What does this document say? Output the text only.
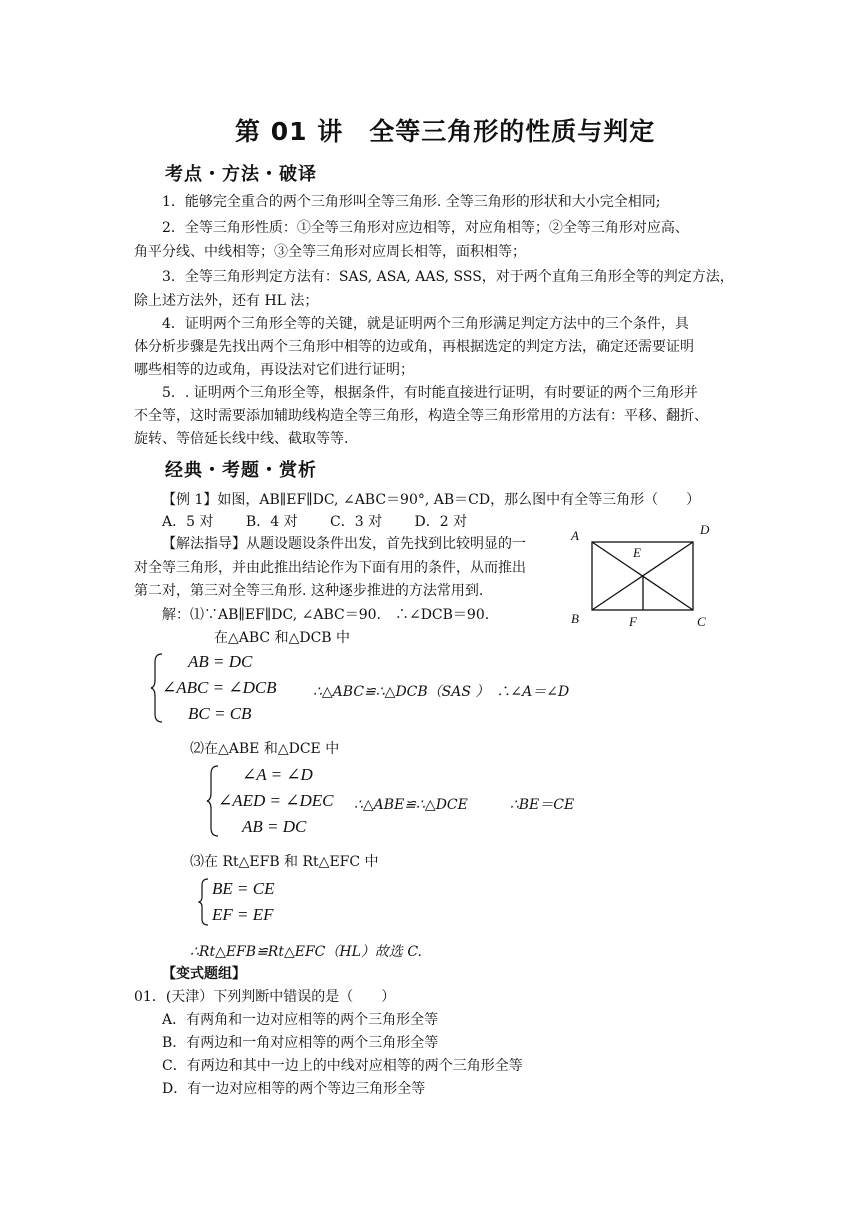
第 01 讲　全等三角形的性质与判定
考点・方法・破译
1．能够完全重合的两个三角形叫全等三角形. 全等三角形的形状和大小完全相同;
2．全等三角形性质：①全等三角形对应边相等，对应角相等；②全等三角形对应高、
角平分线、中线相等；③全等三角形对应周长相等，面积相等；
3．全等三角形判定方法有：SAS, ASA, AAS, SSS，对于两个直角三角形全等的判定方法，
除上述方法外，还有 HL 法；
4．证明两个三角形全等的关键，就是证明两个三角形满足判定方法中的三个条件，具
体分析步骤是先找出两个三角形中相等的边或角，再根据选定的判定方法，确定还需要证明
哪些相等的边或角，再设法对它们进行证明；
5．. 证明两个三角形全等，根据条件，有时能直接进行证明，有时要证的两个三角形并
不全等，这时需要添加辅助线构造全等三角形，构造全等三角形常用的方法有：平移、翻折、
旋转、等倍延长线中线、截取等等.
经典・考题・赏析
【例 1】如图，AB∥EF∥DC, ∠ABC＝90°, AB＝CD，那么图中有全等三角形（　　）
A．5 对　　 B．4 对　　 C．3 对　　 D．2 对
【解法指导】从题设题设条件出发，首先找到比较明显的一
对全等三角形，并由此推出结论作为下面有用的条件，从而推出
第二对，第三对全等三角形. 这种逐步推进的方法常用到.
解：⑴∵AB∥EF∥DC, ∠ABC＝90.　∴∠DCB＝90.
在△ABC 和△DCB 中
A	D
E
B	F	C
AB = DC
∠ABC = ∠DCB
BC = CB
∴△ABC≌∴△DCB（SAS ）　∴∠A＝∠D
⑵在△ABE 和△DCE 中
∠A = ∠D
∠AED = ∠DEC
AB = DC
∴△ABE≌∴△DCE　　　∴BE＝CE
⑶在 Rt△EFB 和 Rt△EFC 中
BE = CE
EF = EF
∴Rt△EFB≌Rt△EFC（HL）故选 C.
【变式题组】
01．(天津）下列判断中错误的是（　　）
A．有两角和一边对应相等的两个三角形全等
B．有两边和一角对应相等的两个三角形全等
C．有两边和其中一边上的中线对应相等的两个三角形全等
D．有一边对应相等的两个等边三角形全等
